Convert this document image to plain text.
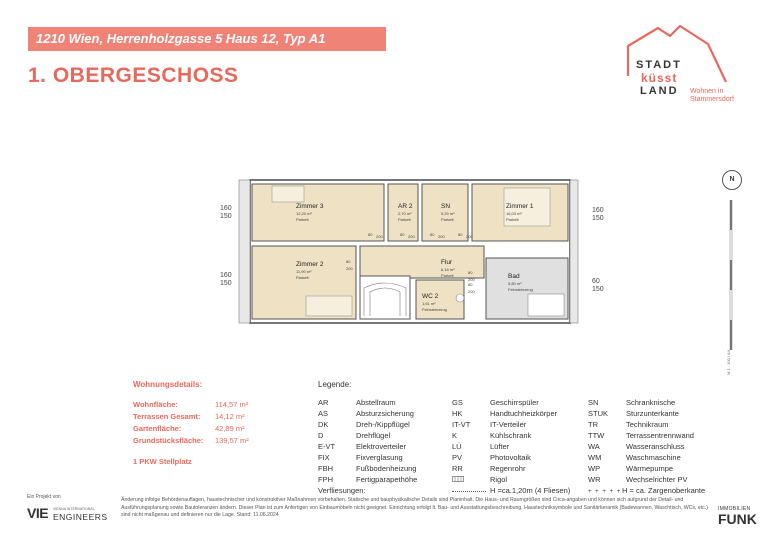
1210 Wien, Herrenholzgasse 5 Haus 12, Typ A1
1. OBERGESCHOSS	STADT
küsst
LAND Wohnen in
Stammersdorf
Zimmer 3
12,20 m²
Parkett
AR 2
2,70 m²
Parkett
SN
5,29 m²
Parkett
Zimmer 1
16,03 m²
Parkett
Zimmer 2
11,90 m²
Parkett
Flur
6,18 m²
Parkett	Bad
5,80 m²
Feinsteinzeug
WC 2
1,61 m²
Feinsteinzeug
80 200	80 200	80 200	80 200
80
200
80
200
80
200
160
150
160
150
160
150
60
150
N
M 1 : 100 / A4
Wohnungsdetails:
Wohnfläche:	114,57 m²
Terrassen Gesamt: 14,12 m²
Gartenfläche:	42,89 m²
Grundstücksfläche: 139,57 m²
1 PKW Stellplatz
Legende:
AR	Abstellraum
AS	Absturzsicherung
DK	Dreh-/Kippflügel
D	Drehflügel
E-VT	Elektroverteiler
FIX	Fixverglasung
FBH	Fußbodenheizung
FPH	Fertigparapethöhe
Verfliesungen:
GS	Geschirrspüler
HK	Handtuchheizkörper
IT-VT	IT-Verteiler
K	Kühlschrank
LÜ	Lüfter
PV	Photovoltaik
RR	Regenrohr
Rigol
H =ca.1,20m (4 Fliesen)
SN	Schranknische
STUK Sturzunterkante
TR	Technikraum
TTW	Terrassentrennwand
WA	Wasseranschluss
WM	Waschmaschine
WP	Wärmepumpe
WR	Wechselrichter PV
+ + + + +H = ca. Zargenoberkante
Ein Projekt von
VIE VIENNA INTERNATIONAL
ENGINEERS
Änderung infolge Behördenauflagen, haustechnischer und konstruktiver Maßnahmen vorbehalten. Statische und bauphysikalische Details sind Planinhalt. Die Haus- und Raumgrößen sind Circa-angaben und können sich aufgrund der Detail- und Ausführungsplanung sowie Bautoleranzen ändern. Dieser Plan ist zum Anfertigen von Einbaumöbeln nicht geeignet. Einrichtung erfolgt lt. Bau- und Ausstattungsbeschreibung. Haustechniksymbole und Sanitärkeramik (Badewannen, Waschtisch, WCs, etc.) sind nicht maßgenau und definieren nur die Lage. Stand: 11.06.2024
IMMOBILIEN
FUNK
